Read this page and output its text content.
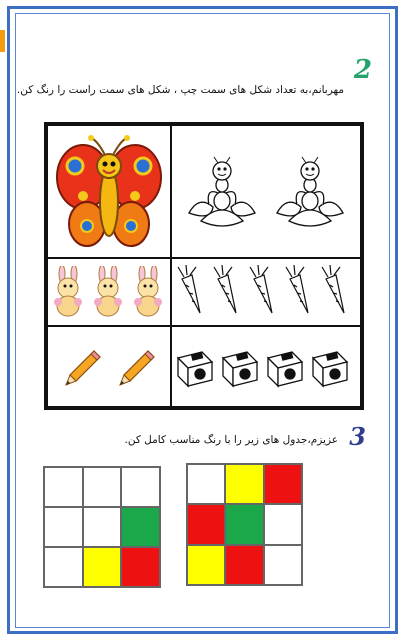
2
مهربانم،به تعداد شکل های سمت چپ ، شکل های سمت راست را رنگ کن.
3
عزیزم،جدول های زیر را با رنگ مناسب کامل کن.
